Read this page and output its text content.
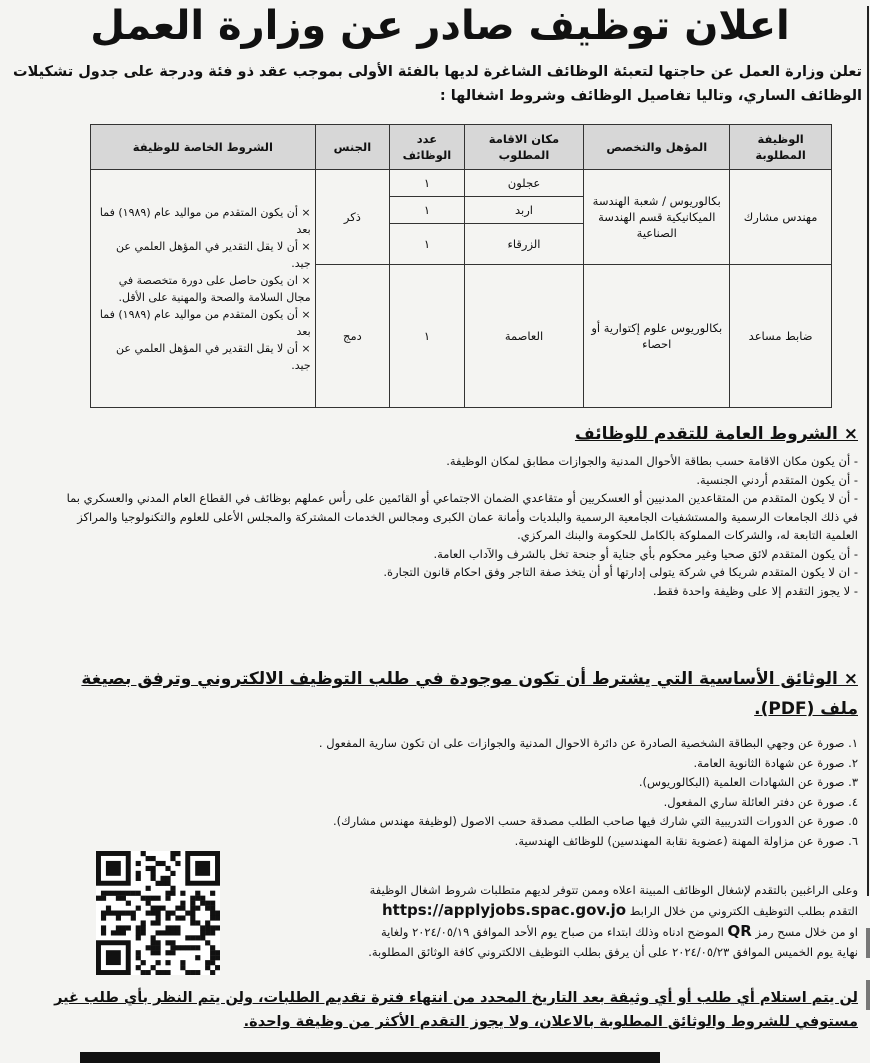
اعلان توظيف صادر عن وزارة العمل
تعلن وزارة العمل عن حاجتها لتعبئة الوظائف الشاغرة لديها بالفئة الأولى بموجب عقد ذو فئة ودرجة على جدول تشكيلات الوظائف الساري، وتاليا تفاصيل الوظائف وشروط اشغالها :
الوظيفة المطلوبة	المؤهل والتخصص	مكان الاقامة المطلوب	عدد الوظائف	الجنس	الشروط الخاصة للوظيفة
مهندس مشارك	بكالوريوس / شعبة الهندسة الميكانيكية قسم الهندسة الصناعية	عجلون	١	ذكر	× أن يكون المتقدم من مواليد عام (١٩٨٩) فما بعد
× أن لا يقل التقدير في المؤهل العلمي عن جيد.
× ان يكون حاصل على دورة متخصصة في مجال السلامة والصحة والمهنية على الأقل.
× أن يكون المتقدم من مواليد عام (١٩٨٩) فما بعد
× أن لا يقل التقدير في المؤهل العلمي عن جيد.

		اربد	١		
		الزرقاء	١		
ضابط مساعد	بكالوريوس علوم إكتوارية أو احصاء	العاصمة	١	دمج	
× الشروط العامة للتقدم للوظائف
- أن يكون مكان الاقامة حسب بطاقة الأحوال المدنية والجوازات مطابق لمكان الوظيفة.
- أن يكون المتقدم أردني الجنسية.
- أن لا يكون المتقدم من المتقاعدين المدنيين أو العسكريين أو متقاعدي الضمان الاجتماعي أو القائمين على رأس عملهم بوظائف في القطاع العام المدني والعسكري بما في ذلك الجامعات الرسمية والمستشفيات الجامعية الرسمية والبلديات وأمانة عمان الكبرى ومجالس الخدمات المشتركة والمجلس الأعلى للعلوم والتكنولوجيا والمراكز العلمية التابعة له، والشركات المملوكة بالكامل للحكومة والبنك المركزي.
- أن يكون المتقدم لائق صحيا وغير محكوم بأي جناية أو جنحة تخل بالشرف والآداب العامة.
- ان لا يكون المتقدم شريكا في شركة يتولى إدارتها أو أن يتخذ صفة التاجر وفق احكام قانون التجارة.
- لا يجوز التقدم إلا على وظيفة واحدة فقط.
× الوثائق الأساسية التي يشترط أن تكون موجودة في طلب التوظيف الالكتروني وترفق بصيغة ملف (PDF).
١. صورة عن وجهي البطاقة الشخصية الصادرة عن دائرة الاحوال المدنية والجوازات على ان تكون سارية المفعول .
٢. صورة عن شهادة الثانوية العامة.
٣. صورة عن الشهادات العلمية (البكالوريوس).
٤. صورة عن دفتر العائلة ساري المفعول.
٥. صورة عن الدورات التدريبية التي شارك فيها صاحب الطلب مصدقة حسب الاصول (لوظيفة مهندس مشارك).
٦. صورة عن مزاولة المهنة (عضوية نقابة المهندسين) للوظائف الهندسية.
وعلى الراغبين بالتقدم لإشغال الوظائف المبينة اعلاه وممن تتوفر لديهم متطلبات شروط اشغال الوظيفة
التقدم بطلب التوظيف الكتروني من خلال الرابط https://applyjobs.spac.gov.jo
او من خلال مسح رمز QR الموضح ادناه وذلك ابتداء من صباح يوم الأحد الموافق ٢٠٢٤/٠٥/١٩ ولغاية
نهاية يوم الخميس الموافق ٢٠٢٤/٠٥/٢٣ على أن يرفق بطلب التوظيف الالكتروني كافة الوثائق المطلوبة.
لن يتم استلام أي طلب أو أي وثيقة بعد التاريخ المحدد من انتهاء فترة تقديم الطلبات، ولن يتم النظر بأي طلب غير مستوفي للشروط والوثائق المطلوبة بالاعلان، ولا يجوز التقدم الأكثر من وظيفة واحدة.
